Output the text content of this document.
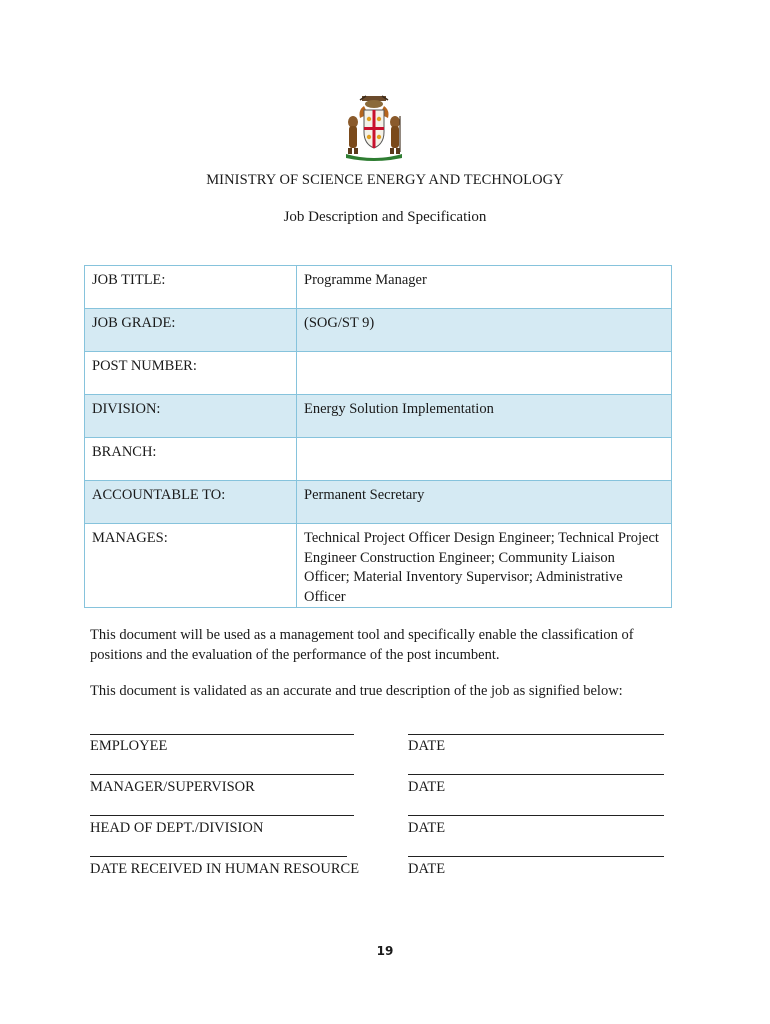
MINISTRY OF SCIENCE ENERGY AND TECHNOLOGY
Job Description and Specification
JOB TITLE:	Programme Manager
JOB GRADE:	(SOG/ST 9)
POST NUMBER:	
DIVISION:	Energy Solution Implementation
BRANCH:	
ACCOUNTABLE TO:	Permanent Secretary
MANAGES:	Technical Project Officer Design Engineer; Technical Project Engineer Construction Engineer; Community Liaison Officer; Material Inventory Supervisor; Administrative Officer
This document will be used as a management tool and specifically enable the classification of positions and the evaluation of the performance of the post incumbent.
This document is validated as an accurate and true description of the job as signified below:
EMPLOYEE	DATE
MANAGER/SUPERVISOR	DATE
HEAD OF DEPT./DIVISION	DATE
DATE RECEIVED IN HUMAN RESOURCE	DATE
19
